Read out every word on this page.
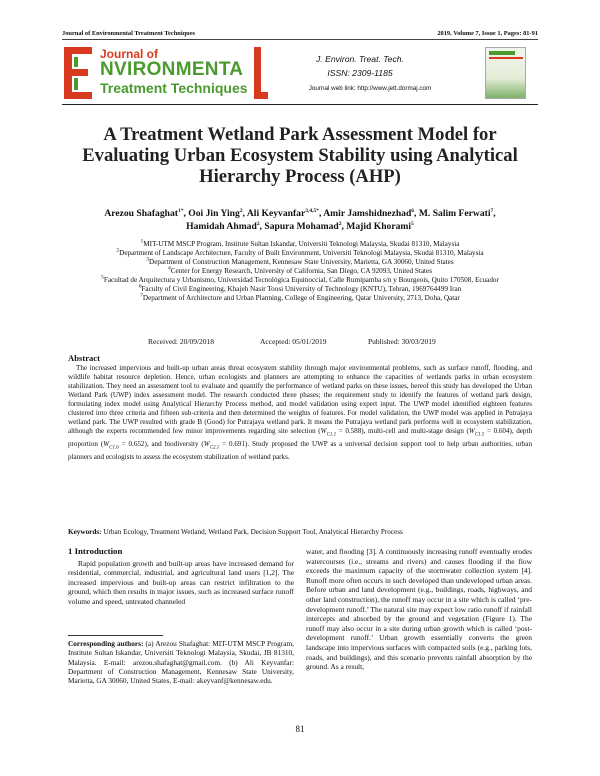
Journal of Environmental Treatment Techniques	2019, Volume 7, Issue 1, Pages: 81-91
Journal of
NVIRONMENTA
Treatment Techniques
J. Environ. Treat. Tech.
ISSN: 2309-1185
Journal web link: http://www.jett.dormaj.com
A Treatment Wetland Park Assessment Model for Evaluating Urban Ecosystem Stability using Analytical Hierarchy Process (AHP)
Arezou Shafaghat$^{1*}$, Ooi Jin Ying$^2$, Ali Keyvanfar$^{3,4,5*}$, Amir Jamshidnezhad$^6$, M. Salim Ferwati$^7$,
Hamidah Ahmad$^2$, Sapura Mohamad$^2$, Majid Khorami$^5$
$^1$MIT-UTM MSCP Program, Institute Sultan Iskandar, Universiti Teknologi Malaysia, Skudai 81310, Malaysia
$^2$Department of Landscape Architecture, Faculty of Built Environment, Universiti Teknologi Malaysia, Skudai 81310, Malaysia
$^3$Department of Construction Management, Kennesaw State University, Marietta, GA 30060, United States
$^4$Center for Energy Research, University of California, San Diego, CA 92093, United States
$^5$Facultad de Arquitectura y Urbanismo, Universidad Tecnológica Equinoccial, Calle Rumipamba s/n y Bourgeois, Quito 170508, Ecuador
$^6$Faculty of Civil Engineering, Khajeh Nasir Toosi University of Technology (KNTU), Tehran, 1969764499 Iran
$^7$Department of Architecture and Urban Planning, College of Engineering, Qatar University, 2713, Doha, Qatar
Received: 20/09/2018	Accepted: 05/01/2019	Published: 30/03/2019
Abstract

The increased impervious and built-up urban areas threat ecosystem stability through major environmental problems, such as surface runoff, flooding, and wildlife habitat resource depletion. Hence, urban ecologists and planners are attempting to enhance the capacities of wetlands parks in urban ecosystem stabilization. They need an assessment tool to evaluate and quantify the performance of wetland parks on these issues, hereof this study has developed the Urban Wetland Park (UWP) index assessment model. The research conducted three phases; the requirement study to identify the features of wetland park design, formulating index model using Analytical Hierarchy Process method, and model validation using expert input. The UWP model identified eighteen features clustered into three criteria and fifteen sub-criteria and then determined the weights of features. For model validation, the UWP model was applied in Putrajaya wetland park. The UWP resulted with grade B (Good) for Putrajaya wetland park. It means the Putrajaya wetland park performs well in ecosystem stabilization, although the experts recommended few minor improvements regarding site selection $(W_{C1.1} = 0.588)$, multi-cell and multi-stage design $(W_{C1.5} = 0.604)$, depth proportion $(W_{C1.6} = 0.652)$, and biodiversity $(W_{C2.1} = 0.691)$. Study proposed the UWP as a universal decision support tool to help urban authorities, urban planners and ecologists to assess the ecosystem stabilization of wetland parks.

Keywords: Urban Ecology, Treatment Wetland, Wetland Park, Decision Support Tool, Analytical Hierarchy Process
1 Introduction

Rapid population growth and built-up areas have increased demand for residential, commercial, industrial, and agricultural land users [1,2]. The increased impervious and built-up areas can restrict infiltration to the ground, which then results in major issues, such as increased surface runoff volume and speed, untreated channeled

Corresponding authors: (a) Arezou Shafaghat: MIT-UTM MSCP Program, Institute Sultan Iskandar, Universiti Teknologi Malaysia, Skudai, JB 81310, Malaysia. E-mail: arezou.shafaghat@gmail.com. (b) Ali Keyvanfar: Department of Construction Management, Kennesaw State University, Marietta, GA 30060, United States, E-mail: akeyvanf@kennesaw.edu.

water, and flooding [3]. A continuously increasing runoff eventually erodes watercourses (i.e., streams and rivers) and causes flooding if the flow exceeds the maximum capacity of the stormwater collection system [4]. Runoff more often occurs in such developed than undeveloped urban areas. Before urban and land development (e.g., buildings, roads, highways, and other land construction), the runoff may occur in a site which is called ‘pre-development runoff.’ The natural site may expect low ratio runoff if rainfall intercepts and absorbed by the ground and vegetation (Figure 1). The runoff may also occur in a site during urban growth which is called ‘post-development runoff.’ Urban growth essentially converts the green landscape into impervious surfaces with compacted soils (e.g., parking lots, roads, and buildings), and this scenario prevents rainfall absorption by the ground. As a result,

81
